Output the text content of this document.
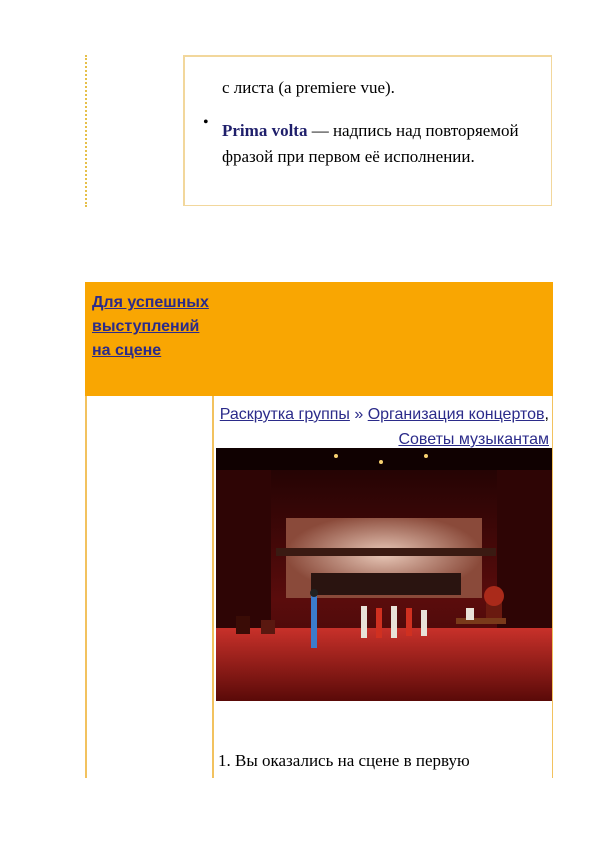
с листа (a premiere vue).
• Prima volta — надпись над повторяемой фразой при первом её исполнении.
Для успешных выступлений на сцене
Раскрутка группы » Организация концертов, Советы музыкантам
1. Вы оказались на сцене в первую
